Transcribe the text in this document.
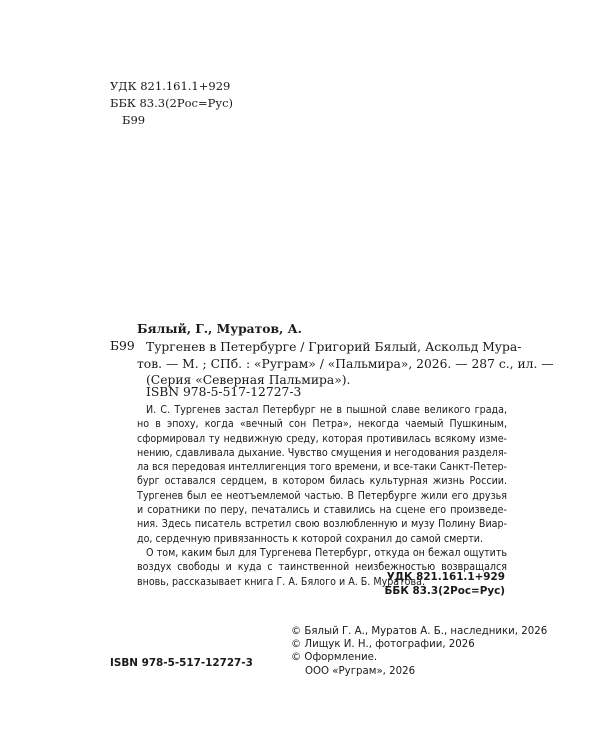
УДК 821.161.1+929
ББК 83.3(2Рос=Рус)
Б99
Бялый, Г., Муратов, А.
Б99 Тургенев в Петербурге / Григорий Бялый, Аскольд Мура-
тов. — М. ; СПб. : «Ругрaм» / «Пальмира», 2026. — 287 с., ил. —
(Серия «Северная Пальмира»).
ISBN 978-5-517-12727-3
И. С. Тургенев застал Петербург не в пышной славе великого града,
но в эпоху, когда «вечный сон Петра», некогда чаемый Пушкиным,
сформировал ту недвижную среду, которая противилась всякому изме-
нению, сдавливала дыхание. Чувство смущения и негодования разделя-
ла вся передовая интеллигенция того времени, и все-таки Санкт-Петер-
бург оставался сердцем, в котором билась культурная жизнь России.
Тургенев был ее неотъемлемой частью. В Петербурге жили его друзья
и соратники по перу, печатались и ставились на сцене его произведе-
ния. Здесь писатель встретил свою возлюбленную и музу Полину Виар-
до, сердечную привязанность к которой сохранил до самой смерти.
О том, каким был для Тургенева Петербург, откуда он бежал ощутить
воздух свободы и куда с таинственной неизбежностью возвращался
вновь, рассказывает книга Г. А. Бялого и А. Б. Муратова.
УДК 821.161.1+929
ББК 83.3(2Рос=Рус)
© Бялый Г. А., Муратов А. Б., наследники, 2026
© Лищук И. Н., фотографии, 2026
© Оформление.
ООО «Ругрaм», 2026
ISBN 978-5-517-12727-3
